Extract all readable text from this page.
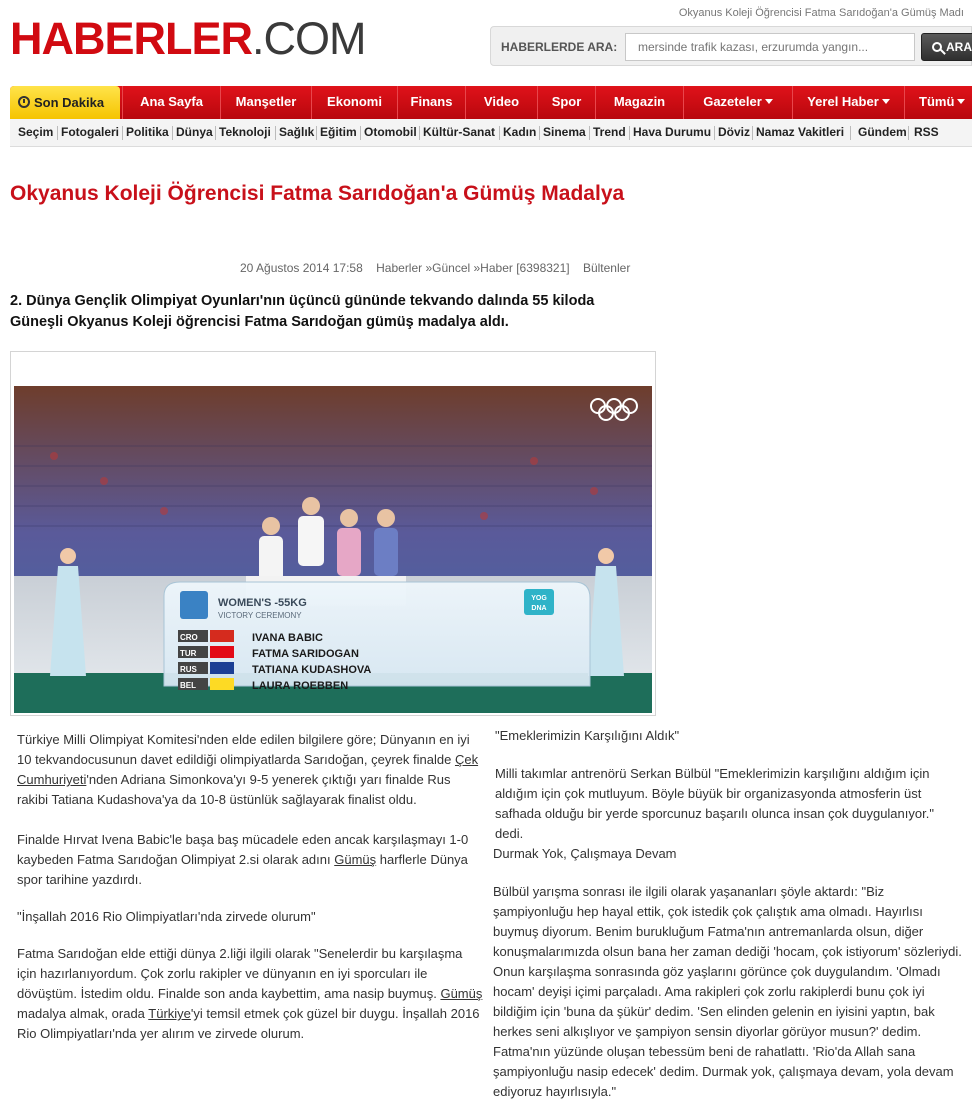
HABERLER.COM	Okyanus Koleji Öğrencisi Fatma Sarıdoğan'a Gümüş Madı
HABERLERDE ARA:
mersinde trafik kazası, erzurumda yangın...	ARA
Son Dakika	Ana Sayfa	Manşetler	Ekonomi	Finans	Video	Spor	Magazin	Gazeteler	Yerel Haber	Tümü
Seçim Fotogaleri Politika Dünya Teknoloji Sağlık Eğitim Otomobil Kültür-Sanat Kadın Sinema Trend Hava Durumu Döviz Namaz Vakitleri Gündem RSS
Okyanus Koleji Öğrencisi Fatma Sarıdoğan'a Gümüş Madalya
20 Ağustos 2014 17:58 Haberler »Güncel »Haber [6398321] Bültenler

2. Dünya Gençlik Olimpiyat Oyunları'nın üçüncü gününde tekvando dalında 55 kiloda Güneşli Okyanus Koleji öğrencisi Fatma Sarıdoğan gümüş madalya aldı.

WOMEN'S -55KG
VICTORY CEREMONY
YOG
DNA
CRO	IVANA BABIC
TUR	FATMA SARIDOGAN
RUS	TATIANA KUDASHOVA
BEL	LAURA ROEBBEN

Türkiye Milli Olimpiyat Komitesi'nden elde edilen bilgilere göre; Dünyanın en iyi 10 tekvandocusunun davet edildiği olimpiyatlarda Sarıdoğan, çeyrek finalde Çek Cumhuriyeti'nden Adriana Simonkova'yı 9-5 yenerek çıktığı yarı finalde Rus rakibi Tatiana Kudashova'ya da 10-8 üstünlük sağlayarak finalist oldu.

Finalde Hırvat Ivena Babic'le başa baş mücadele eden ancak karşılaşmayı 1-0 kaybeden Fatma Sarıdoğan Olimpiyat 2.si olarak adını Gümüş harflerle Dünya spor tarihine yazdırdı.

"İnşallah 2016 Rio Olimpiyatları'nda zirvede olurum"

Fatma Sarıdoğan elde ettiği dünya 2.liği ilgili olarak "Senelerdir bu karşılaşma için hazırlanıyordum. Çok zorlu rakipler ve dünyanın en iyi sporcuları ile dövüştüm. İstedim oldu. Finalde son anda kaybettim, ama nasip buymuş. Gümüş madalya almak, orada Türkiye'yi temsil etmek çok güzel bir duygu. İnşallah 2016 Rio Olimpiyatları'nda yer alırım ve zirvede olurum.

"Emeklerimizin Karşılığını Aldık"

Milli takımlar antrenörü Serkan Bülbül "Emeklerimizin karşılığını aldığım için aldığım için çok mutluyum. Böyle büyük bir organizasyonda atmosferin üst safhada olduğu bir yerde sporcunuz başarılı olunca insan çok duygulanıyor." dedi.

Durmak Yok, Çalışmaya Devam

Bülbül yarışma sonrası ile ilgili olarak yaşananları şöyle aktardı: "Biz şampiyonluğu hep hayal ettik, çok istedik çok çalıştık ama olmadı. Hayırlısı buymuş diyorum. Benim burukluğum Fatma'nın antremanlarda olsun, diğer konuşmalarımızda olsun bana her zaman dediği 'hocam, çok istiyorum' sözleriydi. Onun karşılaşma sonrasında göz yaşlarını görünce çok duygulandım. 'Olmadı hocam' deyişi içimi parçaladı. Ama rakipleri çok zorlu rakiplerdi bunu çok iyi bildiğim için 'buna da şükür' dedim. 'Sen elinden gelenin en iyisini yaptın, bak herkes seni alkışlıyor ve şampiyon sensin diyorlar görüyor musun?' dedim. Fatma'nın yüzünde oluşan tebessüm beni de rahatlattı. 'Rio'da Allah sana şampiyonluğu nasip edecek' dedim. Durmak yok, çalışmaya devam, yola devam ediyoruz hayırlısıyla."
